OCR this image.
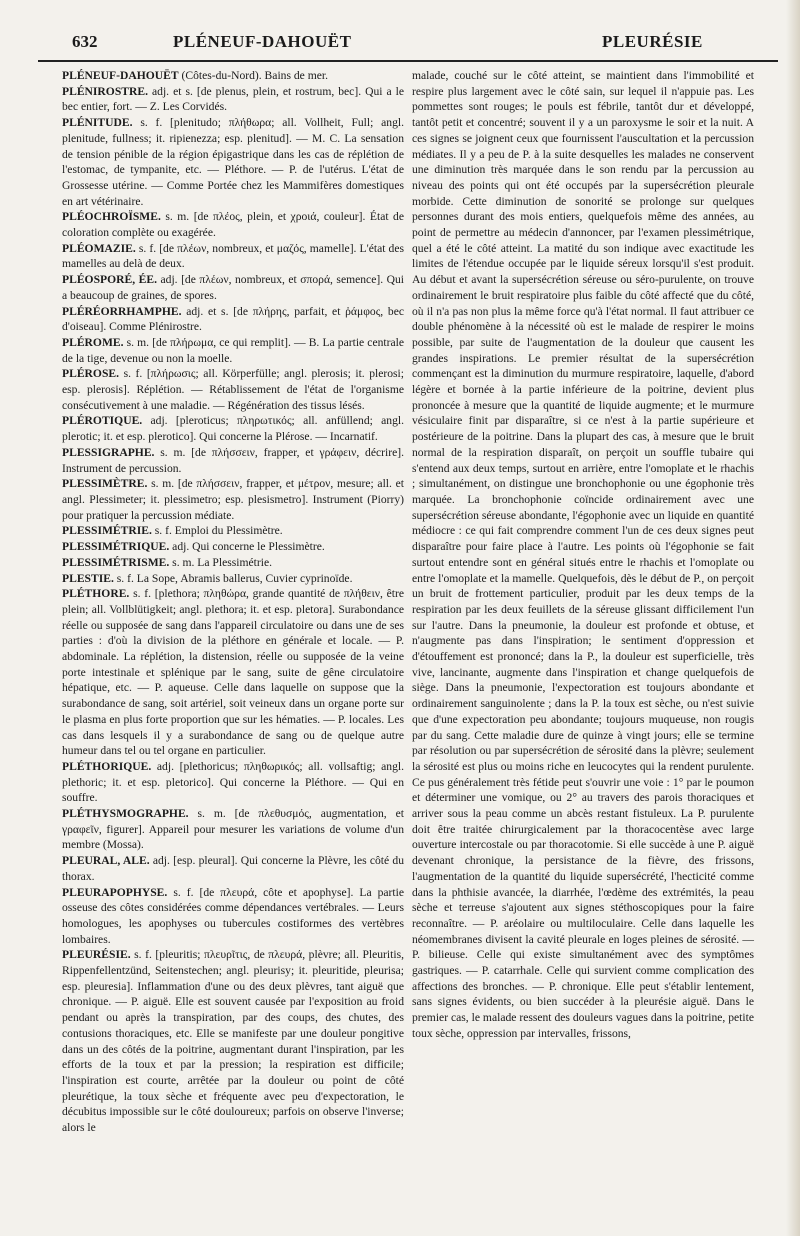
632	PLÉNEUF-DAHOUËT	PLEURÉSIE

PLÉNEUF-DAHOUËT (Côtes-du-Nord). Bains de mer.

PLÉNIROSTRE. adj. et s. [de plenus, plein, et rostrum, bec]. Qui a le bec entier, fort. — Z. Les Corvidés.

PLÉNITUDE. s. f. [plenitudo; πλήθωρα; all. Vollheit, Full; angl. plenitude, fullness; it. ripienezza; esp. plenitud]. — M. C. La sensation de tension pénible de la région épigastrique dans les cas de réplétion de l'estomac, de tympanite, etc. — Pléthore. — P. de l'utérus. L'état de Grossesse utérine. — Comme Portée chez les Mammifères domestiques en art vétérinaire.

PLÉOCHROÏSME. s. m. [de πλέος, plein, et χροιά, couleur]. État de coloration complète ou exagérée.

PLÉOMAZIE. s. f. [de πλέων, nombreux, et μαζός, mamelle]. L'état des mamelles au delà de deux.

PLÉOSPORÉ, ÉE. adj. [de πλέων, nombreux, et σπορά, semence]. Qui a beaucoup de graines, de spores.

PLÉRÉORRHAMPHE. adj. et s. [de πλήρης, parfait, et ῥάμφος, bec d'oiseau]. Comme Plénirostre.

PLÉROME. s. m. [de πλήρωμα, ce qui remplit]. — B. La partie centrale de la tige, devenue ou non la moelle.

PLÉROSE. s. f. [πλήρωσις; all. Körperfülle; angl. plerosis; it. plerosi; esp. plerosis]. Réplétion. — Rétablissement de l'état de l'organisme consécutivement à une maladie. — Régénération des tissus lésés.

PLÉROTIQUE. adj. [pleroticus; πληρωτικός; all. anfüllend; angl. plerotic; it. et esp. plerotico]. Qui concerne la Plérose. — Incarnatif.

PLESSIGRAPHE. s. m. [de πλήσσειν, frapper, et γράφειν, décrire]. Instrument de percussion.

PLESSIMÈTRE. s. m. [de πλήσσειν, frapper, et μέτρον, mesure; all. et angl. Plessimeter; it. plessimetro; esp. plesismetro]. Instrument (Piorry) pour pratiquer la percussion médiate.

PLESSIMÉTRIE. s. f. Emploi du Plessimètre.

PLESSIMÉTRIQUE. adj. Qui concerne le Plessimètre.

PLESSIMÉTRISME. s. m. La Plessimétrie.

PLESTIE. s. f. La Sope, Abramis ballerus, Cuvier cyprinoïde.

PLÉTHORE. s. f. [plethora; πληθώρα, grande quantité de πλήθειν, être plein; all. Vollblütigkeit; angl. plethora; it. et esp. pletora]. Surabondance réelle ou supposée de sang dans l'appareil circulatoire ou dans une de ses parties : d'où la division de la pléthore en générale et locale. — P. abdominale. La réplétion, la distension, réelle ou supposée de la veine porte intestinale et splénique par le sang, suite de gêne circulatoire hépatique, etc. — P. aqueuse. Celle dans laquelle on suppose que la surabondance de sang, soit artériel, soit veineux dans un organe porte sur le plasma en plus forte proportion que sur les hématies. — P. locales. Les cas dans lesquels il y a surabondance de sang ou de quelque autre humeur dans tel ou tel organe en particulier.

PLÉTHORIQUE. adj. [plethoricus; πληθωρικός; all. vollsaftig; angl. plethoric; it. et esp. pletorico]. Qui concerne la Pléthore. — Qui en souffre.

PLÉTHYSMOGRAPHE. s. m. [de πλεθυσμός, augmentation, et γραφεῖν, figurer]. Appareil pour mesurer les variations de volume d'un membre (Mossa).

PLEURAL, ALE. adj. [esp. pleural]. Qui concerne la Plèvre, les côté du thorax.

PLEURAPOPHYSE. s. f. [de πλευρά, côte et apophyse]. La partie osseuse des côtes considérées comme dépendances vertébrales. — Leurs homologues, les apophyses ou tubercules costiformes des vertèbres lombaires.

PLEURÉSIE. s. f. [pleuritis; πλευρῖτις, de πλευρά, plèvre; all. Pleuritis, Rippenfellentzünd, Seitenstechen; angl. pleurisy; it. pleuritide, pleurisa; esp. pleuresia]. Inflammation d'une ou des deux plèvres, tant aiguë que chronique. — P. aiguë. Elle est souvent causée par l'exposition au froid pendant ou après la transpiration, par des coups, des chutes, des contusions thoraciques, etc. Elle se manifeste par une douleur pongitive dans un des côtés de la poitrine, augmentant durant l'inspiration, par les efforts de la toux et par la pression; la respiration est difficile; l'inspiration est courte, arrêtée par la douleur ou point de côté pleurétique, la toux sèche et fréquente avec peu d'expectoration, le décubitus impossible sur le côté douloureux; parfois on observe l'inverse; alors le

malade, couché sur le côté atteint, se maintient dans l'immobilité et respire plus largement avec le côté sain, sur lequel il n'appuie pas. Les pommettes sont rouges; le pouls est fébrile, tantôt dur et développé, tantôt petit et concentré; souvent il y a un paroxysme le soir et la nuit. A ces signes se joignent ceux que fournissent l'auscultation et la percussion médiates. Il y a peu de P. à la suite desquelles les malades ne conservent une diminution très marquée dans le son rendu par la percussion au niveau des points qui ont été occupés par la supersécrétion pleurale morbide. Cette diminution de sonorité se prolonge sur quelques personnes durant des mois entiers, quelquefois même des années, au point de permettre au médecin d'annoncer, par l'examen plessimétrique, quel a été le côté atteint. La matité du son indique avec exactitude les limites de l'étendue occupée par le liquide séreux lorsqu'il s'est produit. Au début et avant la supersécrétion séreuse ou séro-purulente, on trouve ordinairement le bruit respiratoire plus faible du côté affecté que du côté, où il n'a pas non plus la même force qu'à l'état normal. Il faut attribuer ce double phénomène à la nécessité où est le malade de respirer le moins possible, par suite de l'augmentation de la douleur que causent les grandes inspirations. Le premier résultat de la supersécrétion commençant est la diminution du murmure respiratoire, laquelle, d'abord légère et bornée à la partie inférieure de la poitrine, devient plus prononcée à mesure que la quantité de liquide augmente; et le murmure vésiculaire finit par disparaître, si ce n'est à la partie supérieure et postérieure de la poitrine. Dans la plupart des cas, à mesure que le bruit normal de la respiration disparaît, on perçoit un souffle tubaire qui s'entend aux deux temps, surtout en arrière, entre l'omoplate et le rhachis ; simultanément, on distingue une bronchophonie ou une égophonie très marquée. La bronchophonie coïncide ordinairement avec une supersécrétion séreuse abondante, l'égophonie avec un liquide en quantité médiocre : ce qui fait comprendre comment l'un de ces deux signes peut disparaître pour faire place à l'autre. Les points où l'égophonie se fait surtout entendre sont en général situés entre le rhachis et l'omoplate ou entre l'omoplate et la mamelle. Quelquefois, dès le début de P., on perçoit un bruit de frottement particulier, produit par les deux temps de la respiration par les deux feuillets de la séreuse glissant difficilement l'un sur l'autre. Dans la pneumonie, la douleur est profonde et obtuse, et n'augmente pas dans l'inspiration; le sentiment d'oppression et d'étouffement est prononcé; dans la P., la douleur est superficielle, très vive, lancinante, augmente dans l'inspiration et change quelquefois de siège. Dans la pneumonie, l'expectoration est toujours abondante et ordinairement sanguinolente ; dans la P. la toux est sèche, ou n'est suivie que d'une expectoration peu abondante; toujours muqueuse, non rougis par du sang. Cette maladie dure de quinze à vingt jours; elle se termine par résolution ou par supersécrétion de sérosité dans la plèvre; seulement la sérosité est plus ou moins riche en leucocytes qui la rendent purulente. Ce pus généralement très fétide peut s'ouvrir une voie : 1° par le poumon et déterminer une vomique, ou 2° au travers des parois thoraciques et arriver sous la peau comme un abcès restant fistuleux. La P. purulente doit être traitée chirurgicalement par la thoracocentèse avec large ouverture intercostale ou par thoracotomie. Si elle succède à une P. aiguë devenant chronique, la persistance de la fièvre, des frissons, l'augmentation de la quantité du liquide supersécrété, l'hecticité comme dans la phthisie avancée, la diarrhée, l'œdème des extrémités, la peau sèche et terreuse s'ajoutent aux signes stéthoscopiques pour la faire reconnaître. — P. aréolaire ou multiloculaire. Celle dans laquelle les néomembranes divisent la cavité pleurale en loges pleines de sérosité. — P. bilieuse. Celle qui existe simultanément avec des symptômes gastriques. — P. catarrhale. Celle qui survient comme complication des affections des bronches. — P. chronique. Elle peut s'établir lentement, sans signes évidents, ou bien succéder à la pleurésie aiguë. Dans le premier cas, le malade ressent des douleurs vagues dans la poitrine, petite toux sèche, oppression par intervalles, frissons,
